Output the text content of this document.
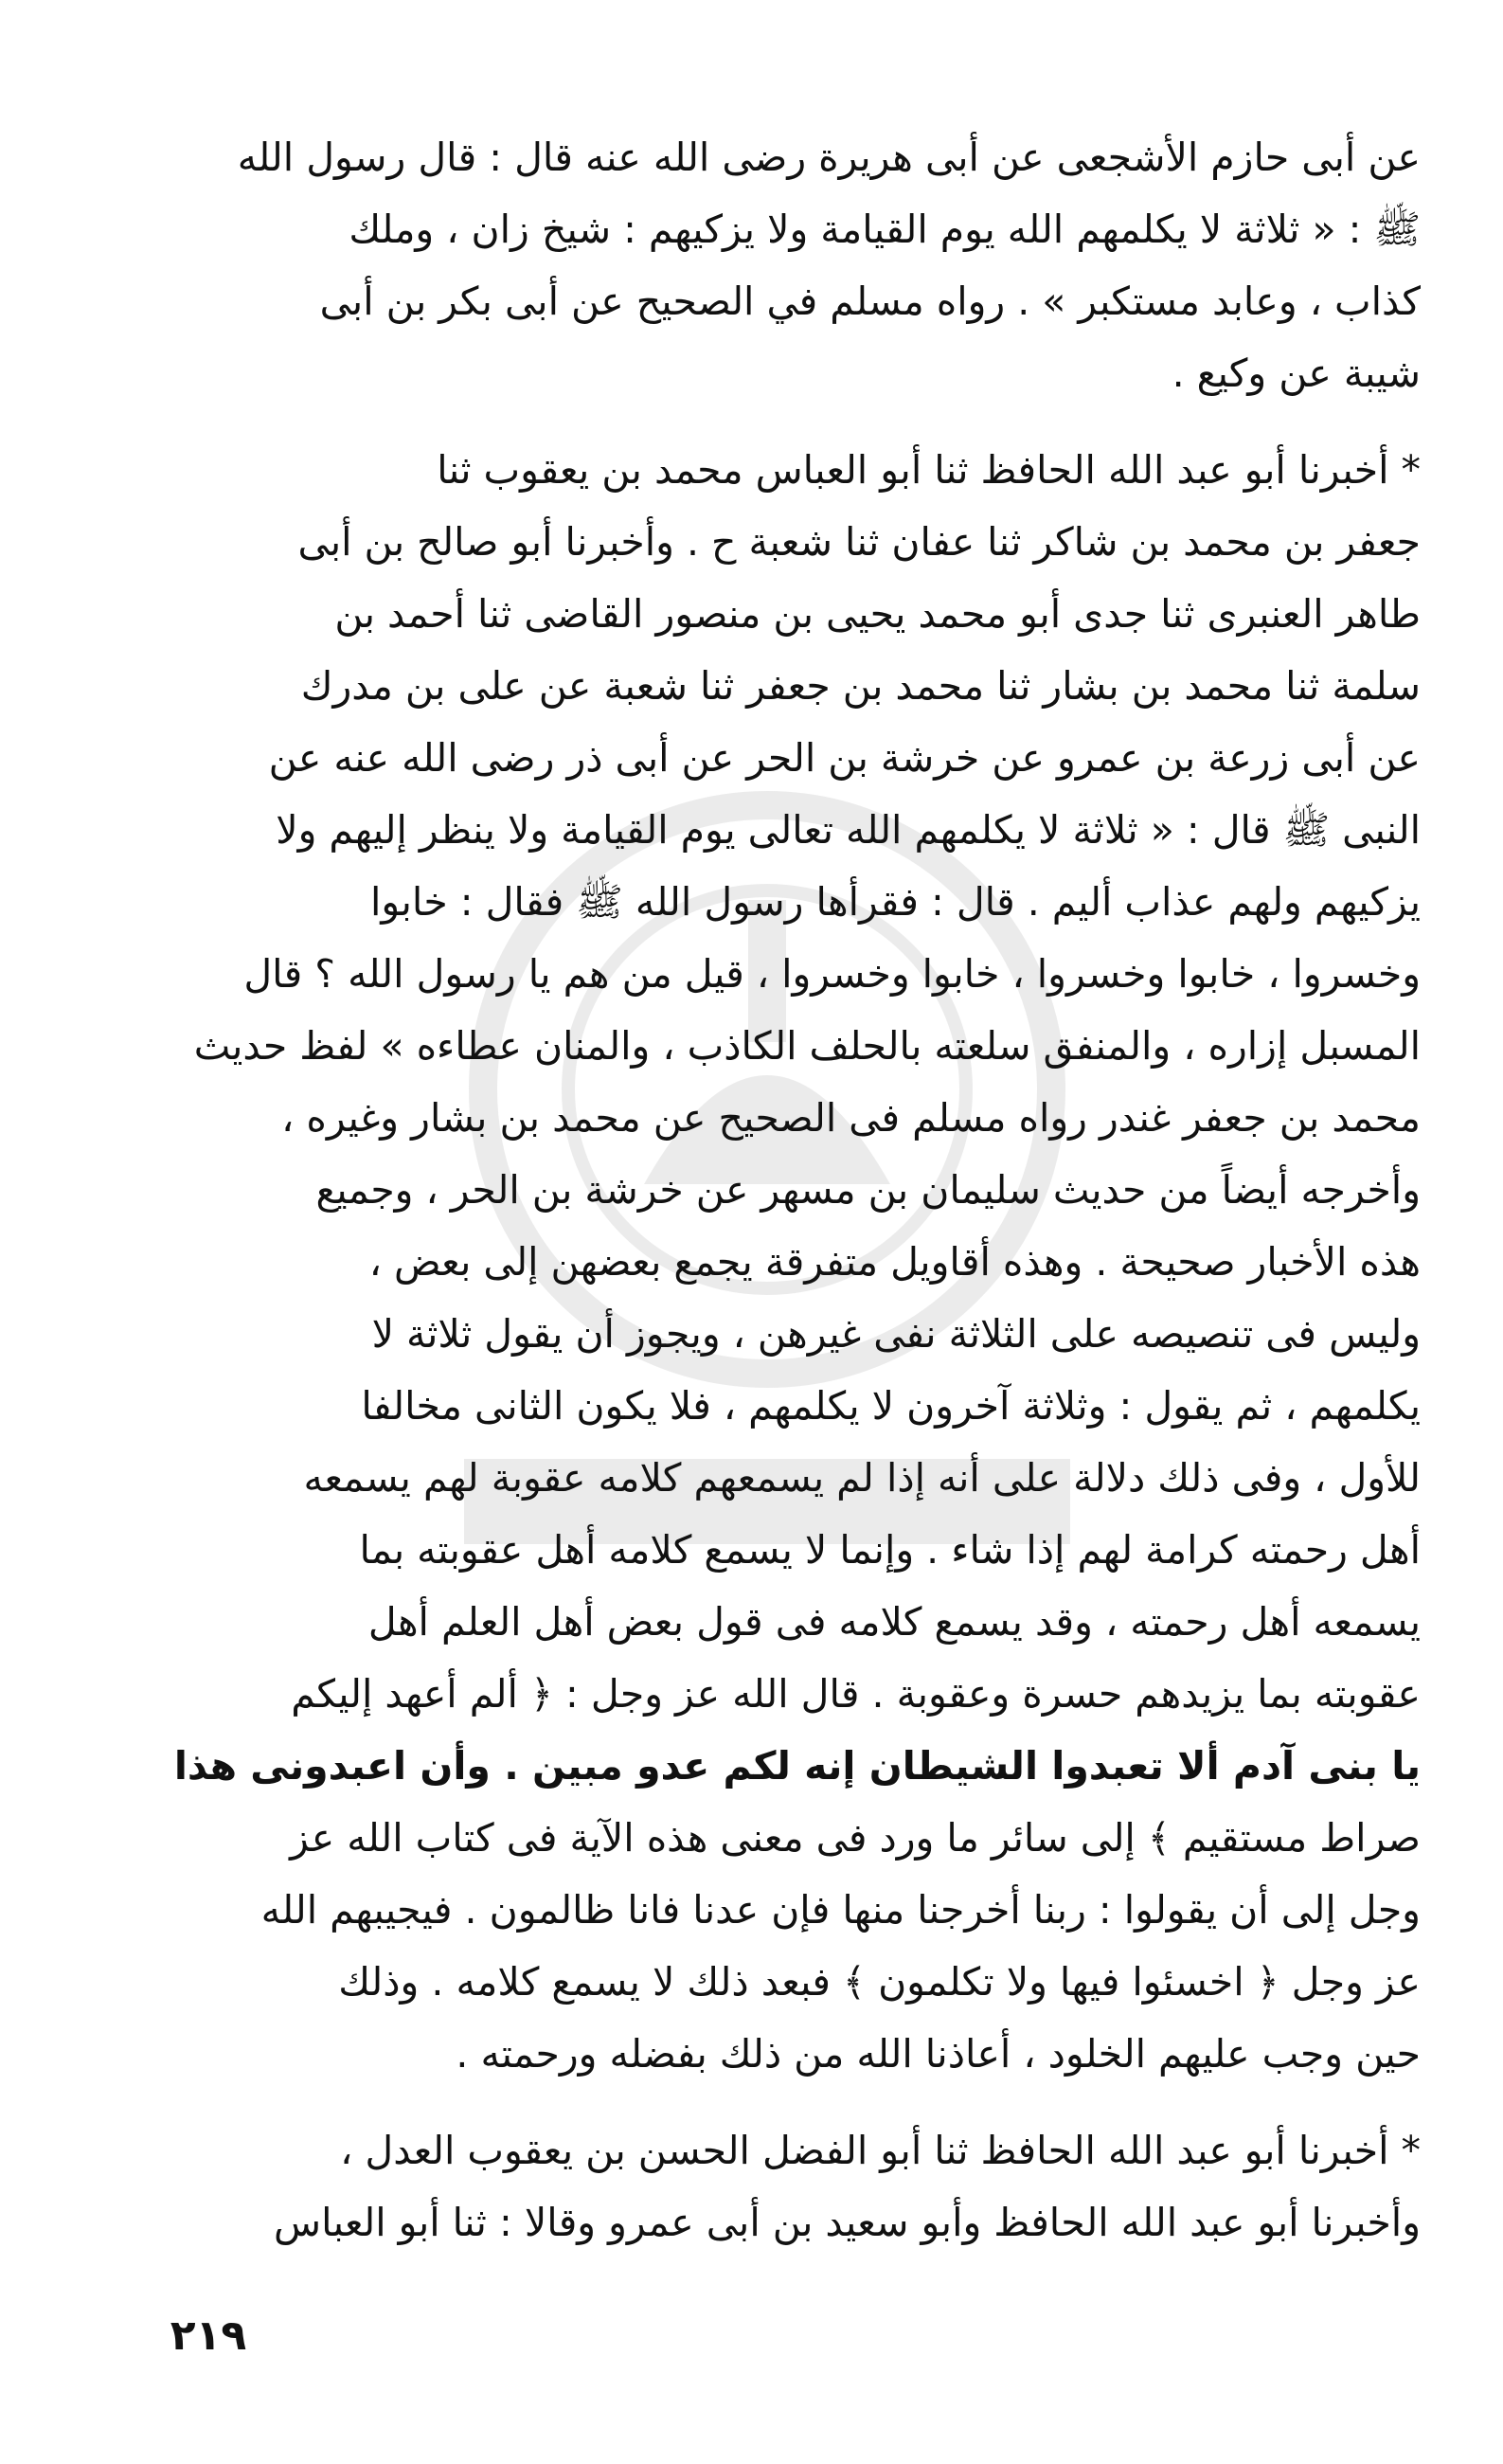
عن أبى حازم الأشجعى عن أبى هريرة رضى الله عنه قال : قال رسول الله
ﷺ : « ثلاثة لا يكلمهم الله يوم القيامة ولا يزكيهم : شيخ زان ، وملك
كذاب ، وعابد مستكبر » . رواه مسلم في الصحيح عن أبى بكر بن أبى
شيبة عن وكيع .
* أخبرنا أبو عبد الله الحافظ ثنا أبو العباس محمد بن يعقوب ثنا
جعفر بن محمد بن شاكر ثنا عفان ثنا شعبة ح . وأخبرنا أبو صالح بن أبى
طاهر العنبرى ثنا جدى أبو محمد يحيى بن منصور القاضى ثنا أحمد بن
سلمة ثنا محمد بن بشار ثنا محمد بن جعفر ثنا شعبة عن على بن مدرك
عن أبى زرعة بن عمرو عن خرشة بن الحر عن أبى ذر رضى الله عنه عن
النبى ﷺ قال : « ثلاثة لا يكلمهم الله تعالى يوم القيامة ولا ينظر إليهم ولا
يزكيهم ولهم عذاب أليم . قال : فقرأها رسول الله ﷺ فقال : خابوا
وخسروا ، خابوا وخسروا ، خابوا وخسروا ، قيل من هم يا رسول الله ؟ قال
المسبل إزاره ، والمنفق سلعته بالحلف الكاذب ، والمنان عطاءه » لفظ حديث
محمد بن جعفر غندر رواه مسلم فى الصحيح عن محمد بن بشار وغيره ،
وأخرجه أيضاً من حديث سليمان بن مسهر عن خرشة بن الحر ، وجميع
هذه الأخبار صحيحة . وهذه أقاويل متفرقة يجمع بعضهن إلى بعض ،
وليس فى تنصيصه على الثلاثة نفى غيرهن ، ويجوز أن يقول ثلاثة لا
يكلمهم ، ثم يقول : وثلاثة آخرون لا يكلمهم ، فلا يكون الثانى مخالفا
للأول ، وفى ذلك دلالة على أنه إذا لم يسمعهم كلامه عقوبة لهم يسمعه
أهل رحمته كرامة لهم إذا شاء . وإنما لا يسمع كلامه أهل عقوبته بما
يسمعه أهل رحمته ، وقد يسمع كلامه فى قول بعض أهل العلم أهل
عقوبته بما يزيدهم حسرة وعقوبة . قال الله عز وجل : ﴿ ألم أعهد إليكم
يا بنى آدم ألا تعبدوا الشيطان إنه لكم عدو مبين . وأن اعبدونى هذا
صراط مستقيم ﴾ إلى سائر ما ورد فى معنى هذه الآية فى كتاب الله عز
وجل إلى أن يقولوا : ربنا أخرجنا منها فإن عدنا فانا ظالمون . فيجيبهم الله
عز وجل ﴿ اخسئوا فيها ولا تكلمون ﴾ فبعد ذلك لا يسمع كلامه . وذلك
حين وجب عليهم الخلود ، أعاذنا الله من ذلك بفضله ورحمته .
* أخبرنا أبو عبد الله الحافظ ثنا أبو الفضل الحسن بن يعقوب العدل ،
وأخبرنا أبو عبد الله الحافظ وأبو سعيد بن أبى عمرو وقالا : ثنا أبو العباس
٢١٩
